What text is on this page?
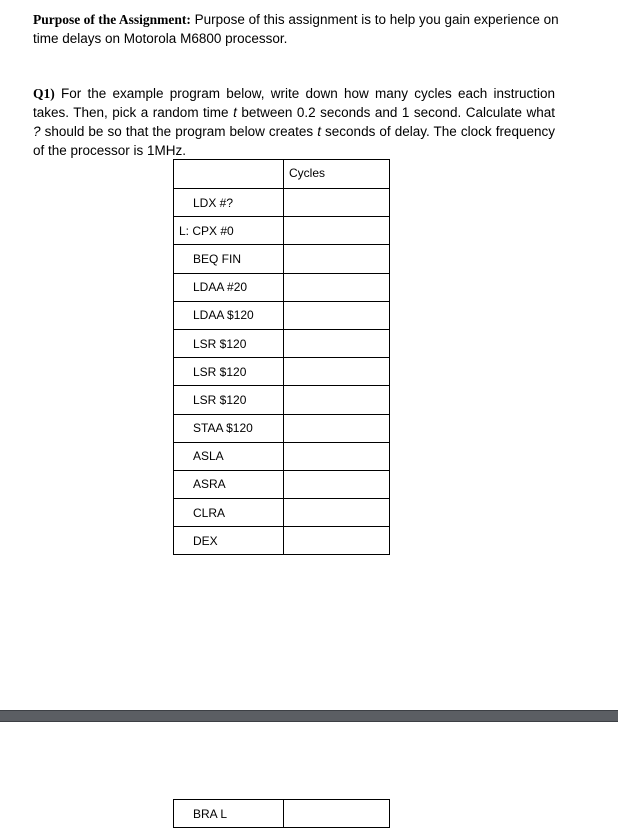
Purpose of the Assignment: Purpose of this assignment is to help you gain experience on time delays on Motorola M6800 processor.
Q1) For the example program below, write down how many cycles each instruction takes. Then, pick a random time t between 0.2 seconds and 1 second. Calculate what ? should be so that the program below creates t seconds of delay. The clock frequency of the processor is 1MHz.
	Cycles
LDX #?	
L: CPX #0	
BEQ FIN	
LDAA #20	
LDAA $120	
LSR $120	
LSR $120	
LSR $120	
STAA $120	
ASLA	
ASRA	
CLRA	
DEX	
BRA L	
